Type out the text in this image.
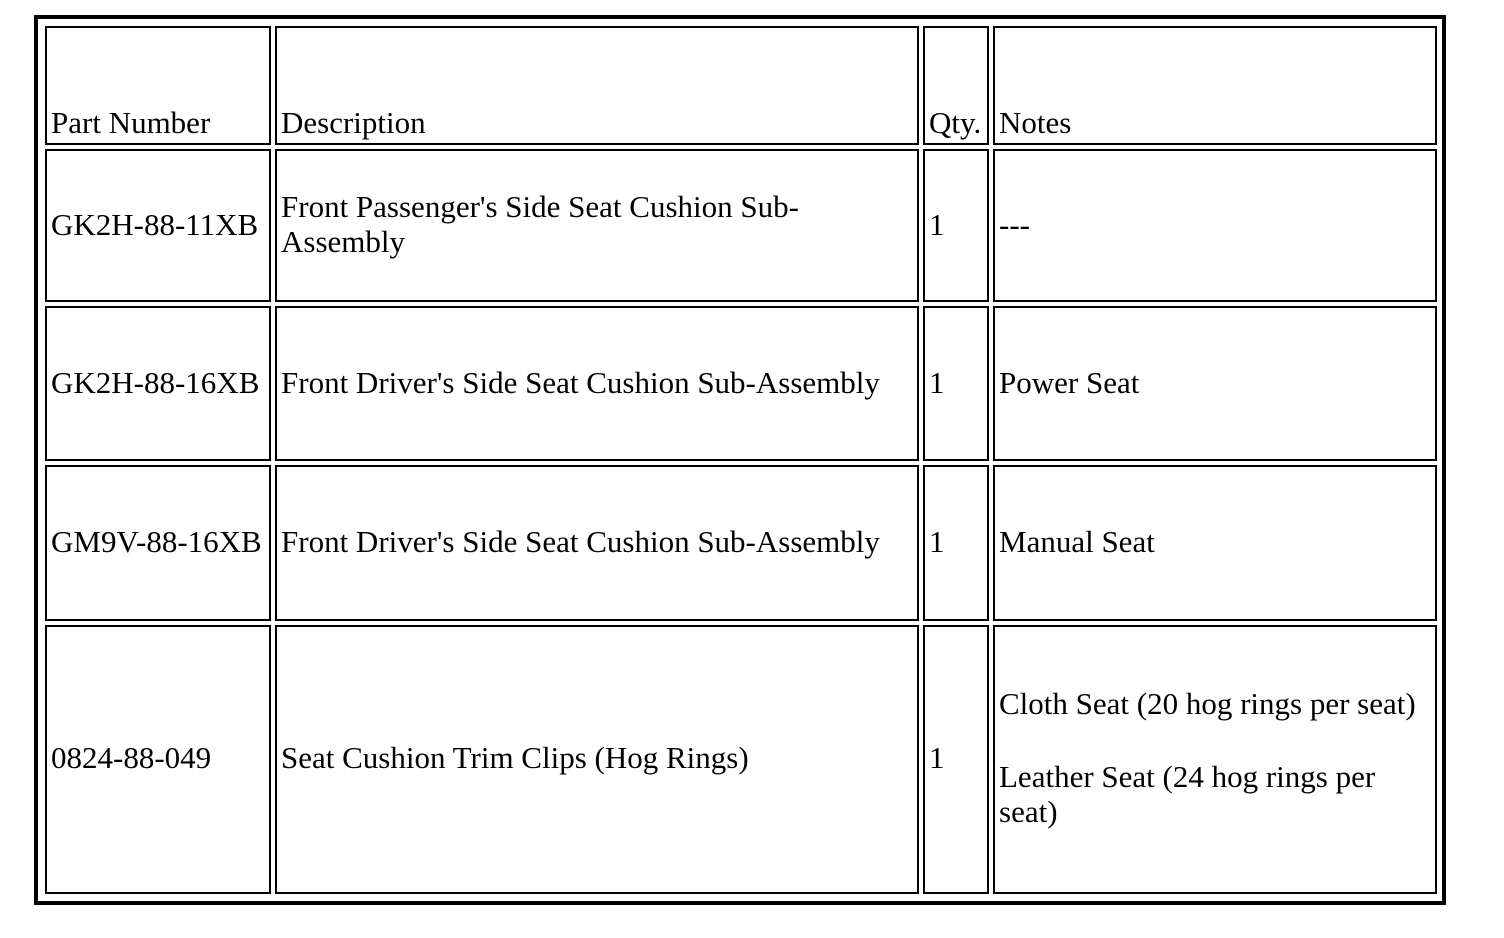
Part Number	Description	Qty.	Notes
GK2H-88-11XB	Front Passenger's Side Seat Cushion Sub-Assembly	1	---

GK2H-88-16XB	Front Driver's Side Seat Cushion Sub-Assembly	1	Power Seat

GM9V-88-16XB	Front Driver's Side Seat Cushion Sub-Assembly	1	Manual Seat

0824-88-049	Seat Cushion Trim Clips (Hog Rings)	1	Cloth Seat (20 hog rings per seat)
Leather Seat (24 hog rings per seat)
